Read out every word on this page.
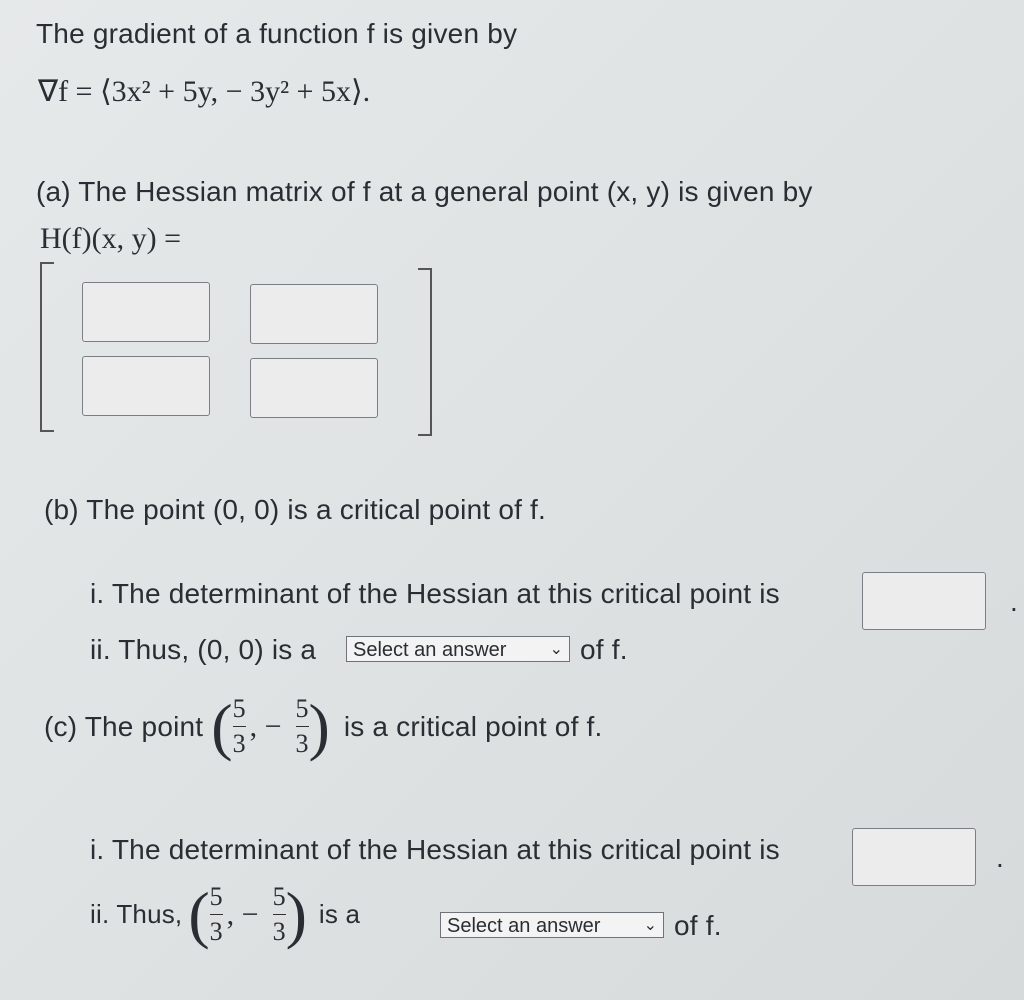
The gradient of a function f is given by
∇f = ⟨3x² + 5y, − 3y² + 5x⟩.
(a) The Hessian matrix of f at a general point (x, y) is given by
H(f)(x, y) =
(b) The point (0, 0) is a critical point of f.
i. The determinant of the Hessian at this critical point is	.
ii. Thus, (0, 0) is a	Select an answer	⌄ of f.
(c) The point ( $\frac{5}{3}$ , − $\frac{5}{3}$ ) is a critical point of f.
i. The determinant of the Hessian at this critical point is	.
ii. Thus, ( $\frac{5}{3}$ , − $\frac{5}{3}$ ) is a	Select an answer	⌄ of f.
